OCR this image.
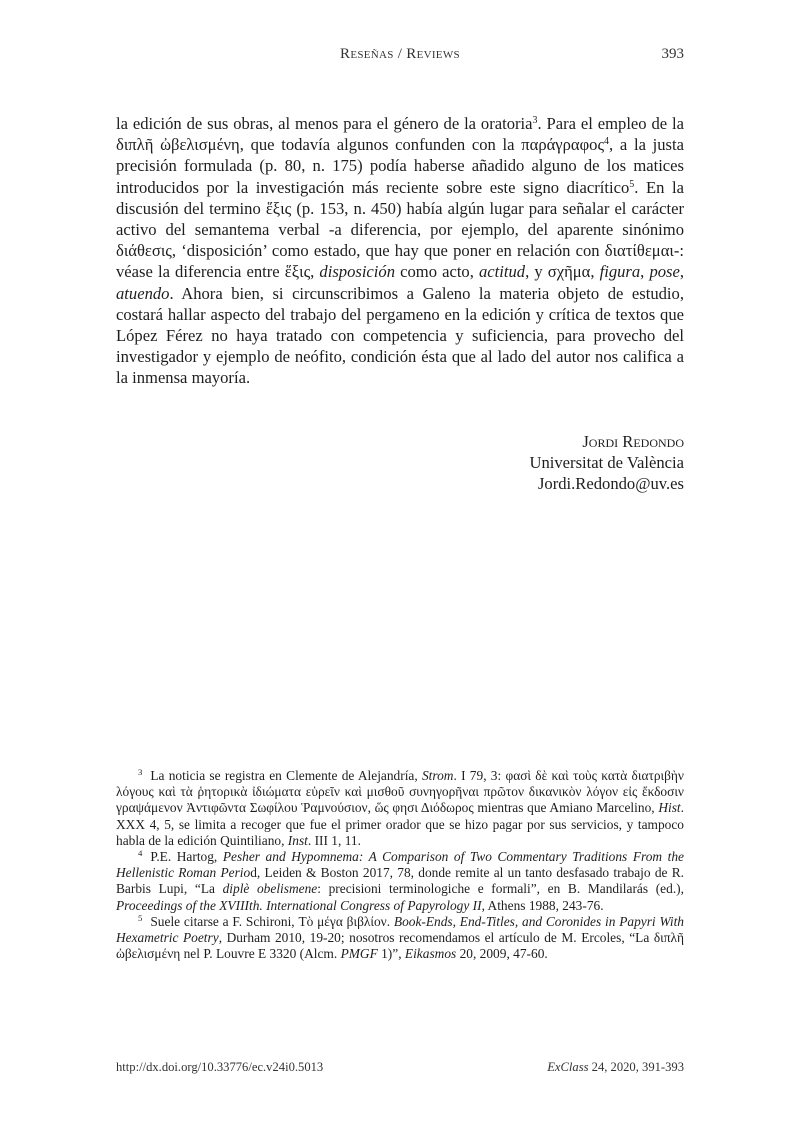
Reseñas / Reviews	393

la edición de sus obras, al menos para el género de la oratoria$^3$. Para el empleo de la διπλῆ ὠβελισμένη, que todavía algunos confunden con la παράγραφος$^4$, a la justa precisión formulada (p. 80, n. 175) podía haberse añadido alguno de los matices introducidos por la investigación más reciente sobre este signo diacrítico$^5$. En la discusión del termino ἕξις (p. 153, n. 450) había algún lugar para señalar el carácter activo del semantema verbal -a diferencia, por ejemplo, del aparente sinónimo διάθεσις, ‘disposición’ como estado, que hay que poner en relación con διατίθεμαι-: véase la diferencia entre ἕξις, disposición como acto, actitud, y σχῆμα, figura, pose, atuendo. Ahora bien, si circunscribimos a Galeno la materia objeto de estudio, costará hallar aspecto del trabajo del pergameno en la edición y crítica de textos que López Férez no haya tratado con competencia y suficiencia, para provecho del investigador y ejemplo de neófito, condición ésta que al lado del autor nos califica a la inmensa mayoría.

Jordi Redondo
Universitat de València
Jordi.Redondo@uv.es

$^3$ La noticia se registra en Clemente de Alejandría, Strom. I 79, 3: φασὶ δὲ καὶ τοὺς κατὰ διατριβὴν λόγους καὶ τὰ ῥητορικὰ ἰδιώματα εὑρεῖν καὶ μισθοῦ συνηγορῆναι πρῶτον δικανικὸν λόγον εἰς ἔκδοσιν γραψάμενον Ἀντιφῶντα Σωφίλου Ῥαμνούσιον, ὥς φησι Διόδωρος mientras que Amiano Marcelino, Hist. XXX 4, 5, se limita a recoger que fue el primer orador que se hizo pagar por sus servicios, y tampoco habla de la edición Quintiliano, Inst. III 1, 11.

$^4$ P.E. Hartog, Pesher and Hypomnema: A Comparison of Two Commentary Traditions From the Hellenistic Roman Period, Leiden & Boston 2017, 78, donde remite al un tanto desfasado trabajo de R. Barbis Lupi, “La diplè obelismene: precisioni terminologiche e formali”, en B. Mandilarás (ed.), Proceedings of the XVIIIth. International Congress of Papyrology II, Athens 1988, 243-76.

$^5$ Suele citarse a F. Schironi, Τὸ μέγα βιβλίον. Book-Ends, End-Titles, and Coronides in Papyri With Hexametric Poetry, Durham 2010, 19-20; nosotros recomendamos el artículo de M. Ercoles, “La διπλῆ ὠβελισμένη nel P. Louvre E 3320 (Alcm. PMGF 1)”, Eikasmos 20, 2009, 47-60.

http://dx.doi.org/10.33776/ec.v24i0.5013	ExClass 24, 2020, 391-393
